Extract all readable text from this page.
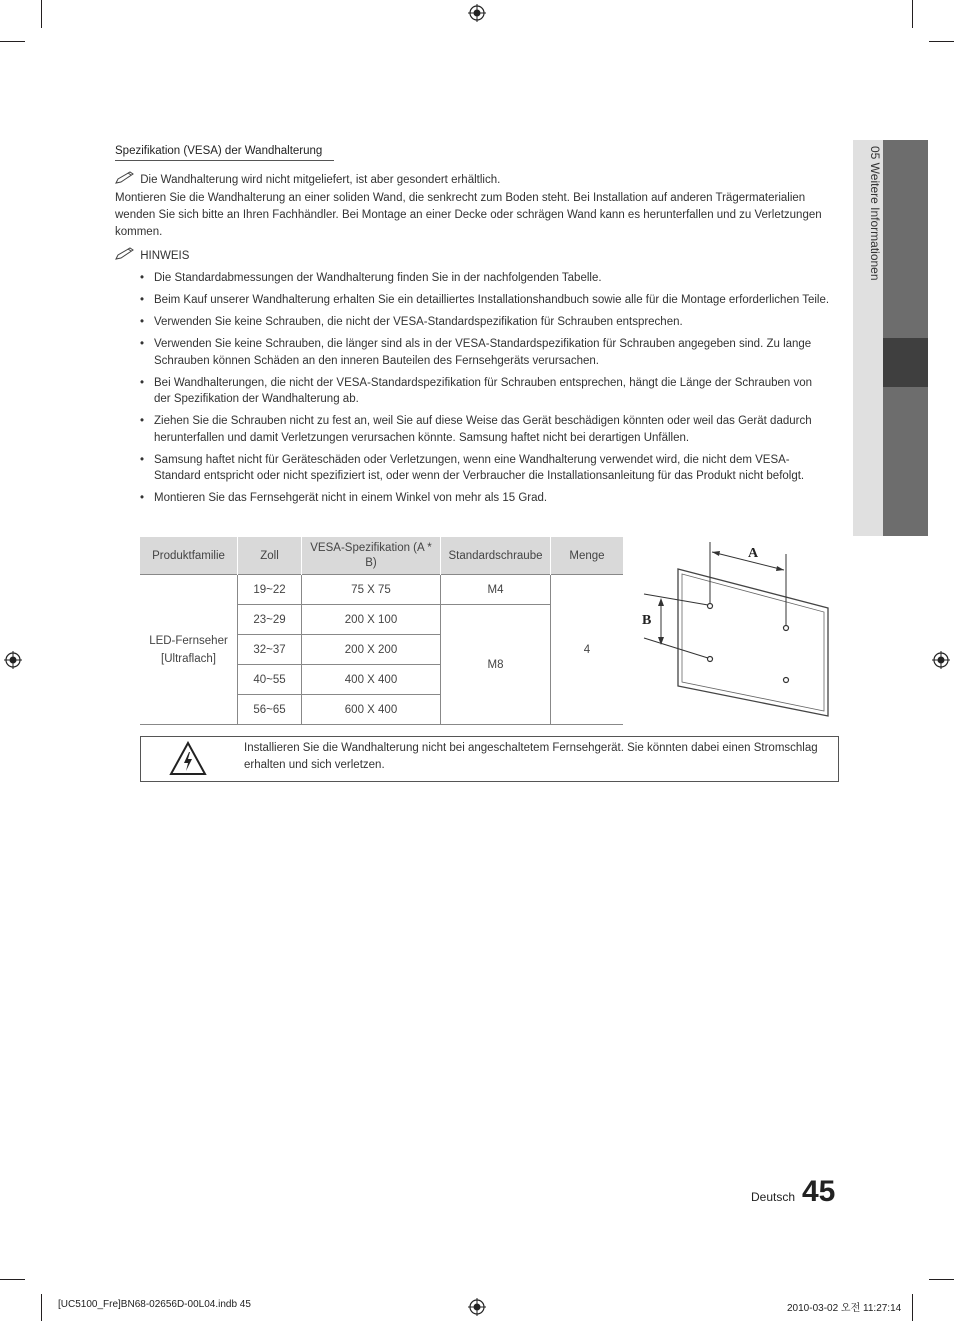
05 Weitere Informationen
Spezifikation (VESA) der Wandhalterung
Die Wandhalterung wird nicht mitgeliefert, ist aber gesondert erhältlich.
Montieren Sie die Wandhalterung an einer soliden Wand, die senkrecht zum Boden steht. Bei Installation auf anderen Trägermaterialien wenden Sie sich bitte an Ihren Fachhändler. Bei Montage an einer Decke oder schrägen Wand kann es herunterfallen und zu Verletzungen kommen.
HINWEIS
• Die Standardabmessungen der Wandhalterung finden Sie in der nachfolgenden Tabelle.
• Beim Kauf unserer Wandhalterung erhalten Sie ein detailliertes Installationshandbuch sowie alle für die Montage erforderlichen Teile.
• Verwenden Sie keine Schrauben, die nicht der VESA-Standardspezifikation für Schrauben entsprechen.
• Verwenden Sie keine Schrauben, die länger sind als in der VESA-Standardspezifikation für Schrauben angegeben sind. Zu lange Schrauben können Schäden an den inneren Bauteilen des Fernsehgeräts verursachen.
• Bei Wandhalterungen, die nicht der VESA-Standardspezifikation für Schrauben entsprechen, hängt die Länge der Schrauben von der Spezifikation der Wandhalterung ab.
• Ziehen Sie die Schrauben nicht zu fest an, weil Sie auf diese Weise das Gerät beschädigen könnten oder weil das Gerät dadurch herunterfallen und damit Verletzungen verursachen könnte. Samsung haftet nicht bei derartigen Unfällen.
• Samsung haftet nicht für Geräteschäden oder Verletzungen, wenn eine Wandhalterung verwendet wird, die nicht dem VESA-Standard entspricht oder nicht spezifiziert ist, oder wenn der Verbraucher die Installationsanleitung für das Produkt nicht befolgt.
• Montieren Sie das Fernsehgerät nicht in einem Winkel von mehr als 15 Grad.
Produktfamilie	Zoll	VESA-Spezifikation (A * B)	Standardschraube	Menge
LED-Fernseher
[Ultraflach]	19~22	75 X 75	M4	4
	23~29	200 X 100	M8	
	32~37	200 X 200		
	40~55	400 X 400		
	56~65	600 X 400		
A
B
Installieren Sie die Wandhalterung nicht bei angeschaltetem Fernsehgerät. Sie könnten dabei einen Stromschlag erhalten und sich verletzen.
Deutsch 45
[UC5100_Fre]BN68-02656D-00L04.indb 45	2010-03-02 오전 11:27:14
